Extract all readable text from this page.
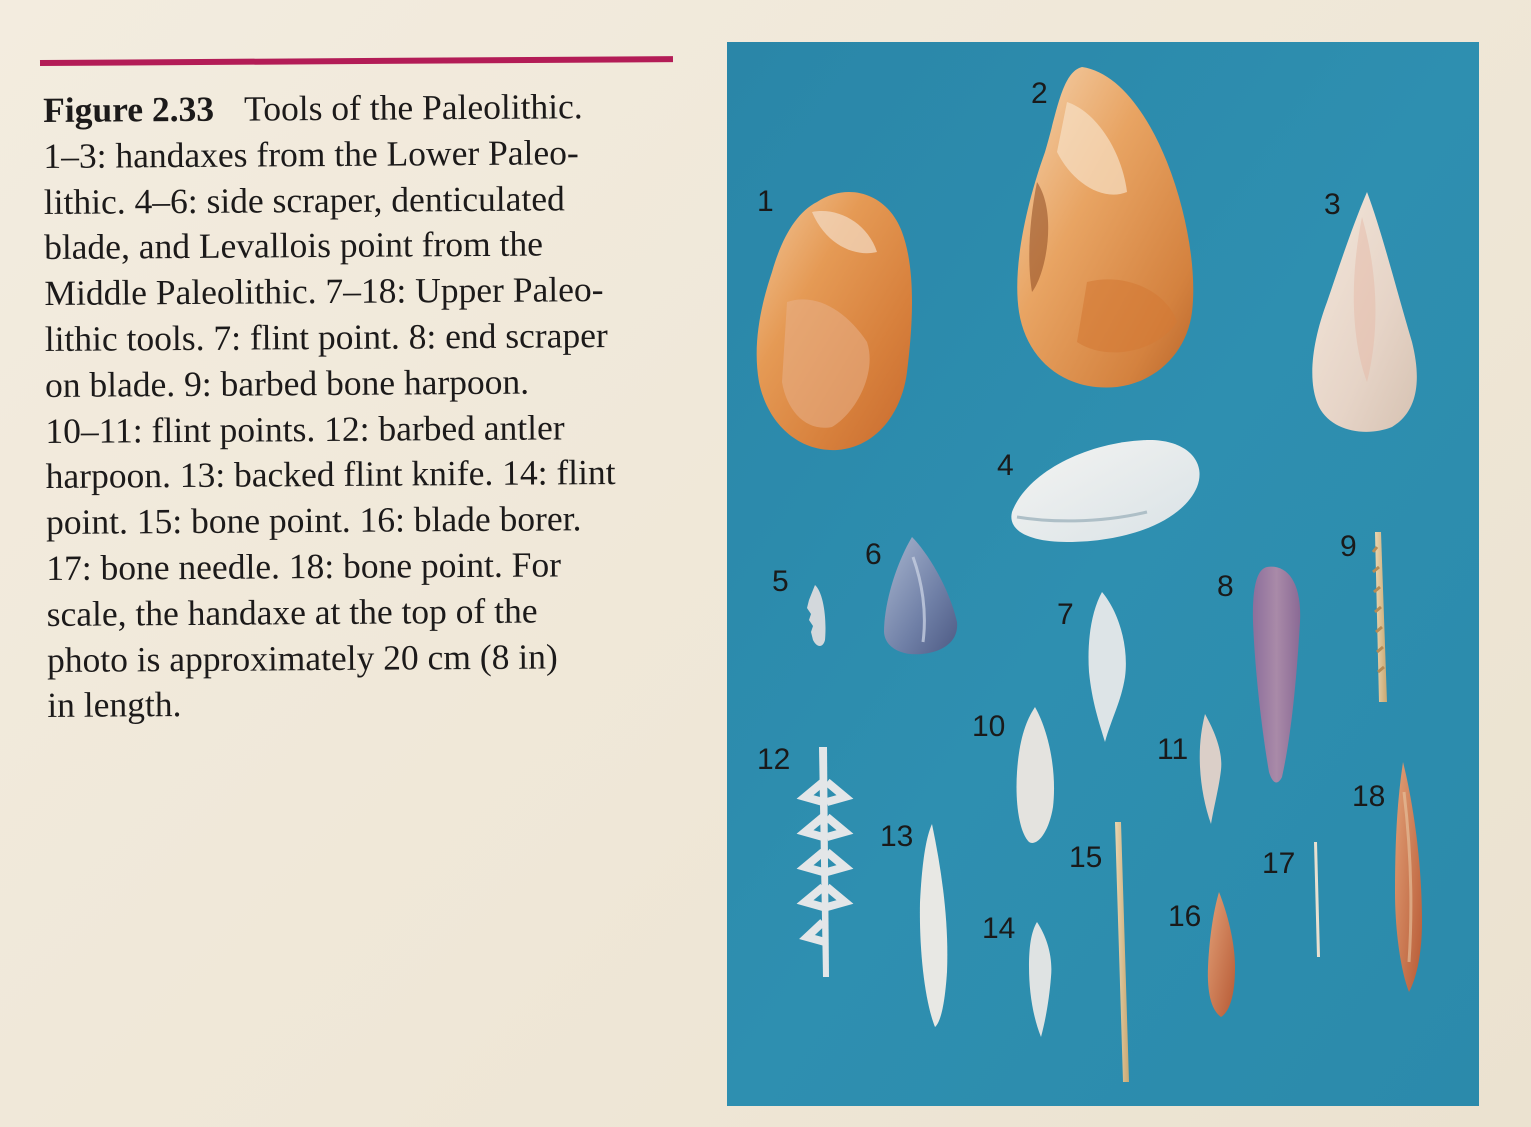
Figure 2.33 Tools of the Paleolithic.
1–3: handaxes from the Lower Paleo-
lithic. 4–6: side scraper, denticulated
blade, and Levallois point from the
Middle Paleolithic. 7–18: Upper Paleo-
lithic tools. 7: flint point. 8: end scraper
on blade. 9: barbed bone harpoon.
10–11: flint points. 12: barbed antler
harpoon. 13: backed flint knife. 14: flint
point. 15: bone point. 16: blade borer.
17: bone needle. 18: bone point. For
scale, the handaxe at the top of the
photo is approximately 20 cm (8 in)
in length.
1
2
3
4
5
6
7
8
9
10
11
12
13
14
15
16
17
18
